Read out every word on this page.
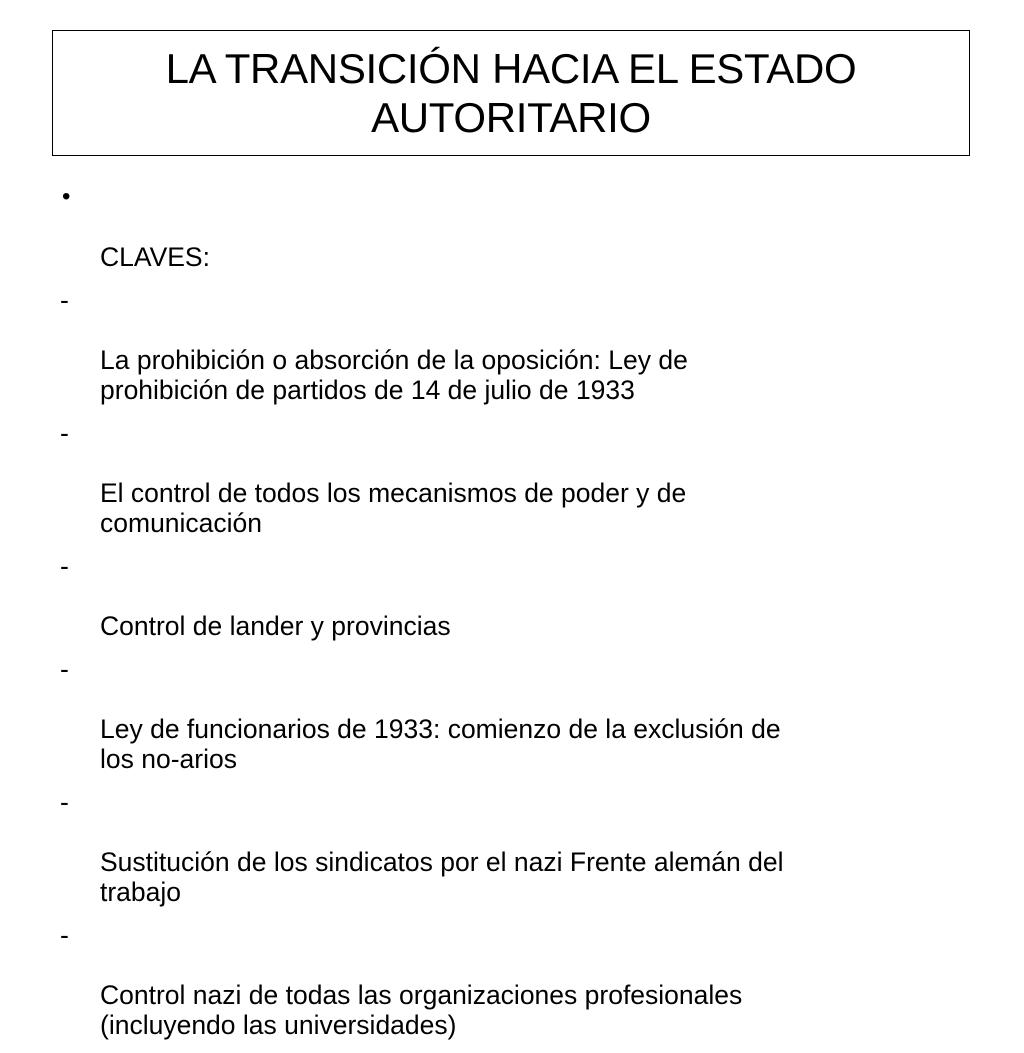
LA TRANSICIÓN HACIA EL ESTADO
AUTORITARIO

•

CLAVES:

-

La prohibición o absorción de la oposición: Ley de
prohibición de partidos de 14 de julio de 1933

-

El control de todos los mecanismos de poder y de
comunicación

-

Control de lander y provincias

-

Ley de funcionarios de 1933: comienzo de la exclusión de
los no-arios

-

Sustitución de los sindicatos por el nazi Frente alemán del
trabajo

-

Control nazi de todas las organizaciones profesionales
(incluyendo las universidades)
